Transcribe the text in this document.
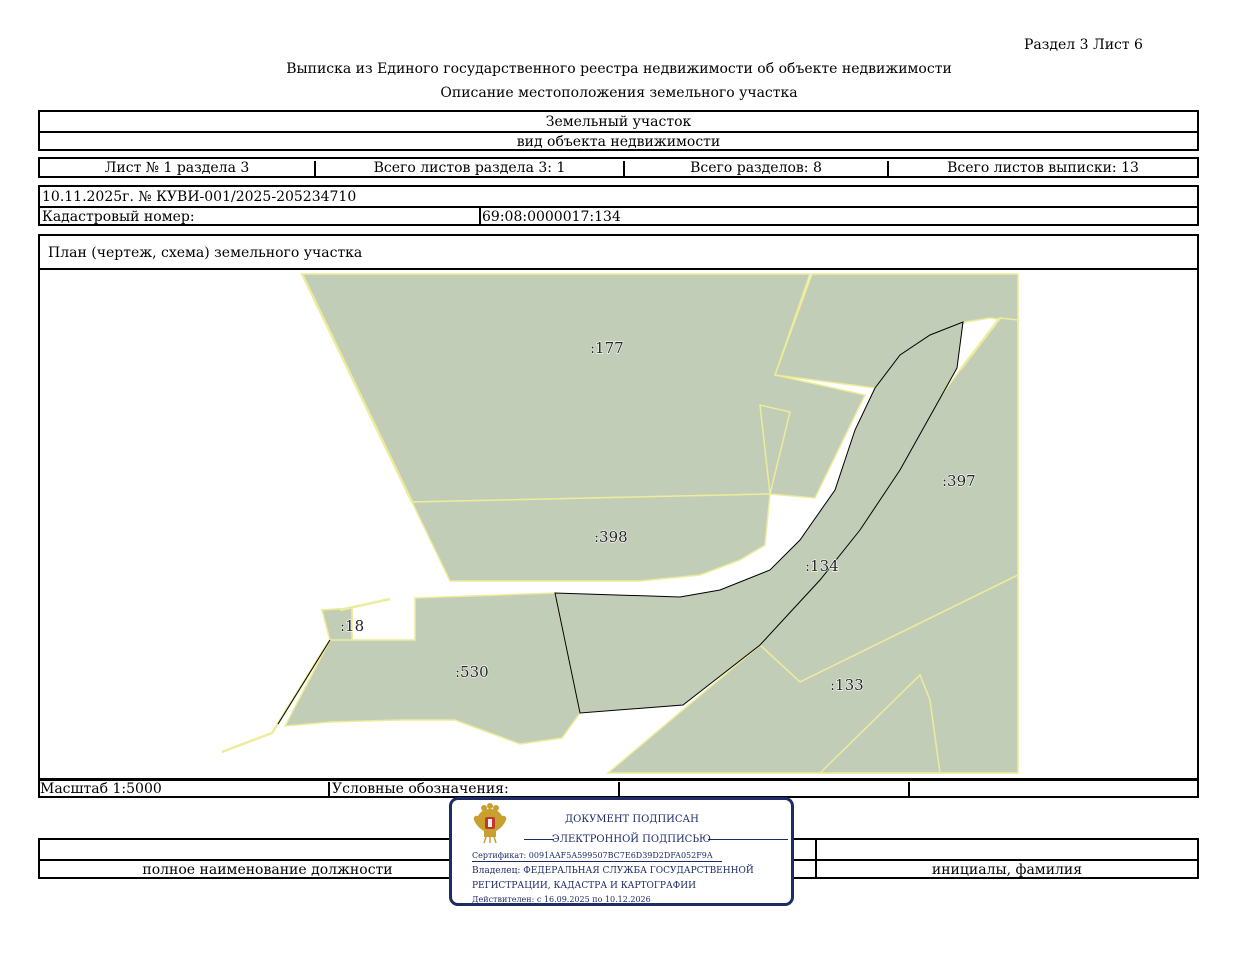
Раздел 3 Лист 6
Выписка из Единого государственного реестра недвижимости об объекте недвижимости
Описание местоположения земельного участка
Земельный участок
вид объекта недвижимости
Лист № 1 раздела 3	Всего листов раздела 3: 1	Всего разделов: 8	Всего листов выписки: 13
10.11.2025г. № КУВИ-001/2025-205234710
Кадастровый номер:	69:08:0000017:134
План (чертеж, схема) земельного участка
:177
:398
:397
:134
:18
:530
:133
Масштаб 1:5000	Условные обозначения:
полное наименование должности	инициалы, фамилия
ДОКУМЕНТ ПОДПИСАН
ЭЛЕКТРОННОЙ ПОДПИСЬЮ
Сертификат: 0091AAF5A599507BC7E6D39D2DFA052F9A
Владелец: ФЕДЕРАЛЬНАЯ СЛУЖБА ГОСУДАРСТВЕННОЙ
РЕГИСТРАЦИИ, КАДАСТРА И КАРТОГРАФИИ
Действителен: с 16.09.2025 по 10.12.2026
